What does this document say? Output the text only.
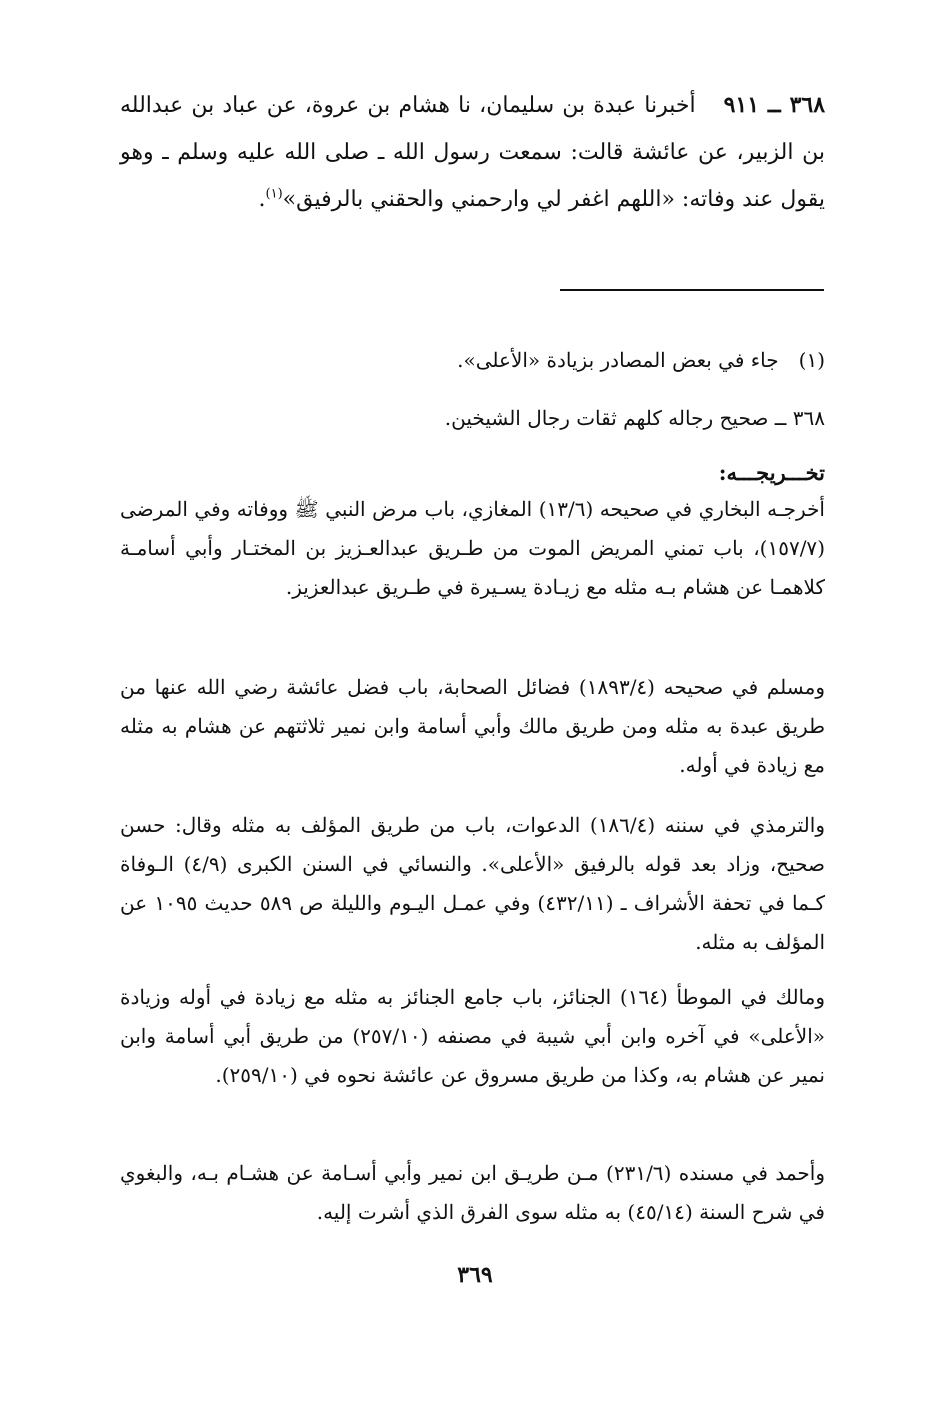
٣٦٨ ــ ٩١١أخبرنا عبدة بن سليمان، نا هشام بن عروة، عن عباد بن عبدالله بن الزبير، عن عائشة قالت: سمعت رسول الله ـ صلى الله عليه وسلم ـ وهو يقول عند وفاته: «اللهم اغفر لي وارحمني والحقني بالرفيق»$^{(١)}$.
(١)جاء في بعض المصادر بزيادة «الأعلى».
٣٦٨ ــ صحيح رجاله كلهم ثقات رجال الشيخين.
تخـــريجـــه:
أخرجـه البخاري في صحيحه (١٣/٦) المغازي، باب مرض النبي ﷺ ووفاته وفي المرضى (١٥٧/٧)، باب تمني المريض الموت من طـريق عبدالعـزيز بن المختـار وأبي أسامـة كلاهمـا عن هشام بـه مثله مع زيـادة يسـيرة في طـريق عبدالعزيز.
ومسلم في صحيحه (١٨٩٣/٤) فضائل الصحابة، باب فضل عائشة رضي الله عنها من طريق عبدة به مثله ومن طريق مالك وأبي أسامة وابن نمير ثلاثتهم عن هشام به مثله مع زيادة في أوله.
والترمذي في سننه (١٨٦/٤) الدعوات، باب من طريق المؤلف به مثله وقال: حسن صحيح، وزاد بعد قوله بالرفيق «الأعلى». والنسائي في السنن الكبرى (٤/٩) الـوفاة كـما في تحفة الأشراف ـ (٤٣٢/١١) وفي عمـل اليـوم والليلة ص ٥٨٩ حديث ١٠٩٥ عن المؤلف به مثله.
ومالك في الموطأ (١٦٤) الجنائز، باب جامع الجنائز به مثله مع زيادة في أوله وزيادة «الأعلى» في آخره وابن أبي شيبة في مصنفه (٢٥٧/١٠) من طريق أبي أسامة وابن نمير عن هشام به، وكذا من طريق مسروق عن عائشة نحوه في (٢٥٩/١٠).
وأحمد في مسنده (٢٣١/٦) مـن طريـق ابن نمير وأبي أسـامة عن هشـام بـه، والبغوي في شرح السنة (٤٥/١٤) به مثله سوى الفرق الذي أشرت إليه.
٣٦٩
